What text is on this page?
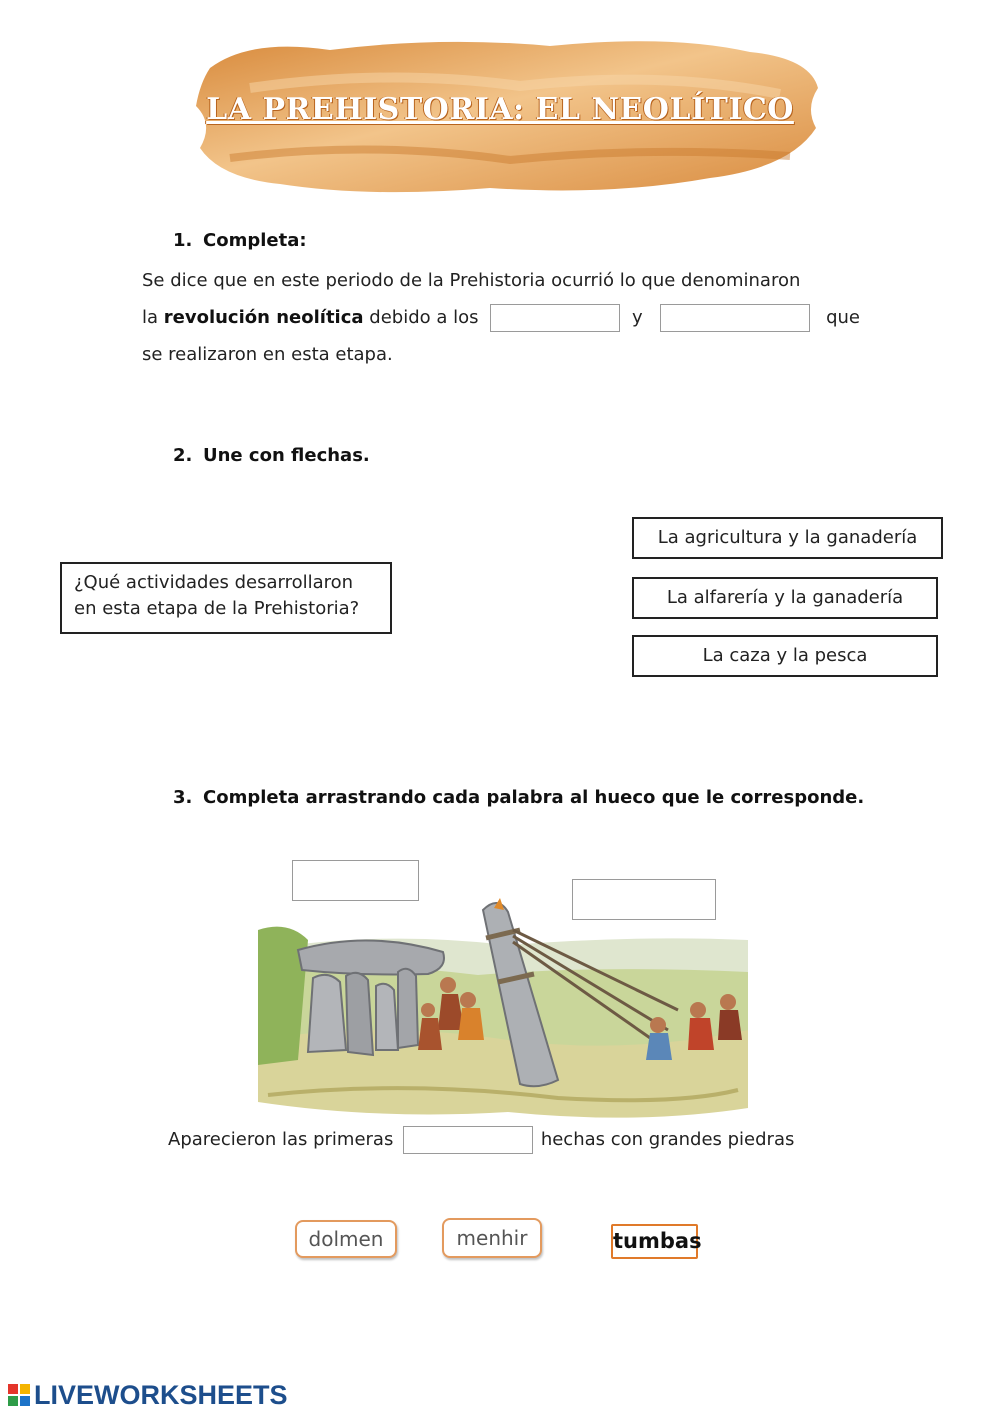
LA PREHISTORIA: EL NEOLÍTICO
1. Completa:
Se dice que en este periodo de la Prehistoria ocurrió lo que denominaron
la revolución neolítica debido a los	y	que
se realizaron en esta etapa.
2. Une con flechas.
¿Qué actividades desarrollaron en esta etapa de la Prehistoria?
La agricultura y la ganadería
La alfarería y la ganadería
La caza y la pesca
3. Completa arrastrando cada palabra al hueco que le corresponde.
Aparecieron las primeras	hechas con grandes piedras
dolmen	menhir	tumbas
LIVEWORKSHEETS
